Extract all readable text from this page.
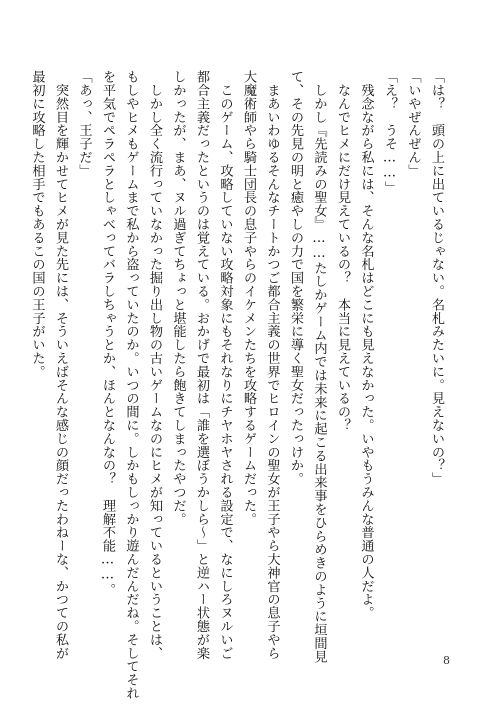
「は？　頭の上に出ているじゃない。名札みたいに。見えないの？」
「いやぜんぜん」
「え？　うそ……」
　残念ながら私には、そんな名札はどこにも見えなかった。いやもうみんな普通の人だよ。
　なんでヒメにだけ見えているの？　本当に見えているの？
　しかし『先読みの聖女』……たしかゲーム内では未来に起こる出来事をひらめきのように垣間見
て、その先見の明と癒やしの力で国を繁栄に導く聖女だったっけか。
　まあいわゆるそんなチートかつご都合主義の世界でヒロインの聖女が王子やら大神官の息子やら
大魔術師やら騎士団長の息子やらのイケメンたちを攻略するゲームだった。
　このゲーム、攻略していない攻略対象にもそれなりにチヤホヤされる設定で、なにしろヌルいご
都合主義だったというのは覚えている。おかげで最初は「誰を選ぼうかしら～」と逆ハー状態が楽
しかったが、まあ、ヌル過ぎてちょっと堪能したら飽きてしまったやつだ。
　しかし全く流行っていなかった掘り出し物の古いゲームなのにヒメが知っているということは、
もしやヒメもゲームまで私から盗っていたのか。いつの間に。しかもしっかり遊んだんだね。そしてそれ
を平気でペラペラとしゃべってバラしちゃうとか、ほんとなんなの？　理解不能……。
「あっ、王子だ」
　突然目を輝かせてヒメが見た先には、そういえばそんな感じの顔だったわねーな、かつての私が
最初に攻略した相手でもあるこの国の王子がいた。
8
